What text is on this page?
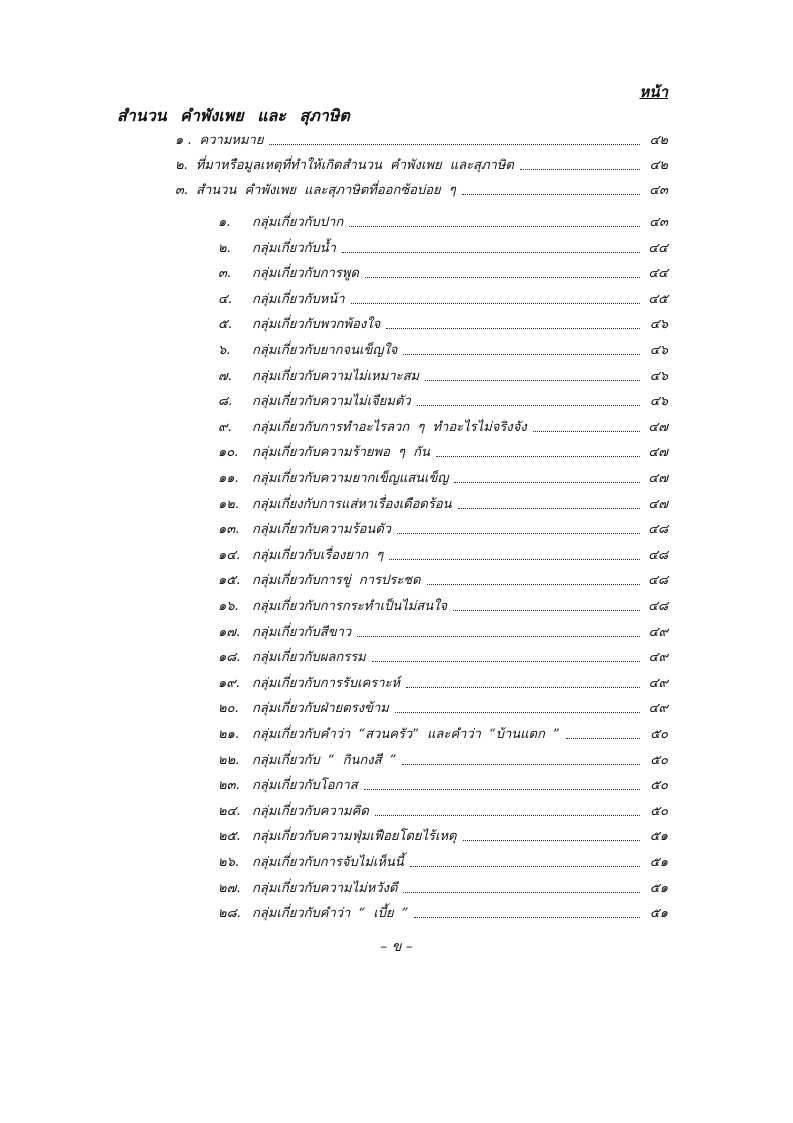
หน้า
สำนวน คำพังเพย และ สุภาษิต
๑ . ความหมาย	๔๒
๒. ที่มาหรือมูลเหตุที่ทำให้เกิดสำนวน คำพังเพย และสุภาษิต	๔๒
๓. สำนวน คำพังเพย และสุภาษิตที่ออกซ้อบ่อย ๆ	๔๓
๑.	กลุ่มเกี่ยวกับปาก	๔๓
๒.	กลุ่มเกี่ยวกับน้ำ	๔๔
๓.	กลุ่มเกี่ยวกับการพูด	๔๔
๔.	กลุ่มเกี่ยวกับหน้า	๔๕
๕.	กลุ่มเกี่ยวกับพวกพ้องใจ	๔๖
๖.	กลุ่มเกี่ยวกับยากจนเข็ญใจ	๔๖
๗.	กลุ่มเกี่ยวกับความไม่เหมาะสม	๔๖
๘.	กลุ่มเกี่ยวกับความไม่เจียมตัว	๔๖
๙.	กลุ่มเกี่ยวกับการทำอะไรลวก ๆ ทำอะไรไม่จริงจัง	๔๗
๑๐.	กลุ่มเกี่ยวกับความร้ายพอ ๆ กัน	๔๗
๑๑.	กลุ่มเกี่ยวกับความยากเข็ญแสนเข็ญ	๔๗
๑๒.	กลุ่มเกี่ยงกับการแส่หาเรื่องเดือดร้อน	๔๗
๑๓. กลุ่มเกี่ยวกับความร้อนตัว	๔๘
๑๔. กลุ่มเกี่ยวกับเรื่องยาก ๆ	๔๘
๑๕. กลุ่มเกี่ยวกับการขู่ การประชด	๔๘
๑๖.	กลุ่มเกี่ยวกับการกระทำเป็นไม่สนใจ	๔๘
๑๗. กลุ่มเกี่ยวกับสีขาว	๔๙
๑๘. กลุ่มเกี่ยวกับผลกรรม	๔๙
๑๙. กลุ่มเกี่ยวกับการรับเคราะห์	๔๙
๒๐.	กลุ่มเกี่ยวกับฝ่ายตรงข้าม	๔๙
๒๑.	กลุ่มเกี่ยวกับคำว่า “สวนครัว” และคำว่า “บ้านแตก ”	๕๐
๒๒. กลุ่มเกี่ยวกับ “ กินกงสี ”	๕๐
๒๓. กลุ่มเกี่ยวกับโอกาส	๕๐
๒๔. กลุ่มเกี่ยวกับความคิด	๕๐
๒๕. กลุ่มเกี่ยวกับความฟุ่มเฟือยโดยไร้เหตุ	๕๑
๒๖.	กลุ่มเกี่ยวกับการจับไม่เห็นนี้	๕๑
๒๗. กลุ่มเกี่ยวกับความไม่หวังดี	๕๑
๒๘. กลุ่มเกี่ยวกับคำว่า “ เบี้ย ”	๕๑
– ข –
